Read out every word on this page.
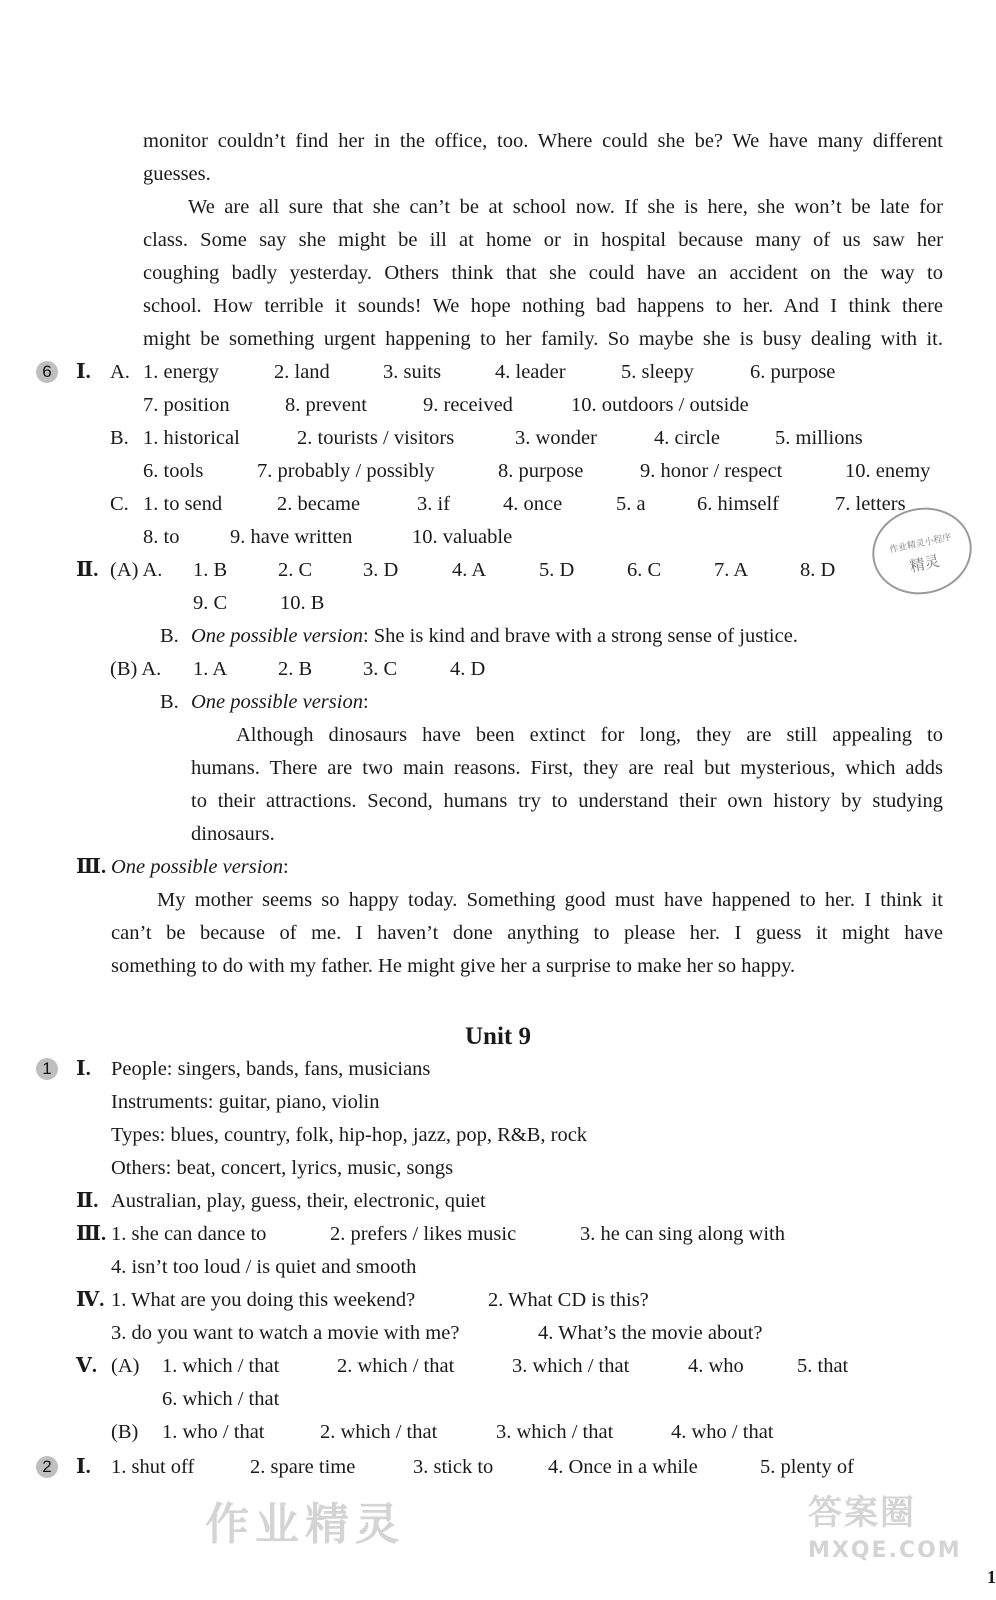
monitor couldn’t find her in the office, too. Where could she be? We have many different
guesses.
We are all sure that she can’t be at school now. If she is here, she won’t be late for
class. Some say she might be ill at home or in hospital because many of us saw her
coughing badly yesterday. Others think that she could have an accident on the way to
school. How terrible it sounds! We hope nothing bad happens to her. And I think there
might be something urgent happening to her family. So maybe she is busy dealing with it.
6	Ⅰ. A. 1. energy	2. land	3. suits	4. leader	5. sleepy	6. purpose
7. position	8. prevent	9. received	10. outdoors / outside
B. 1. historical	2. tourists / visitors	3. wonder	4. circle	5. millions
6. tools	7. probably / possibly	8. purpose	9. honor / respect	10. enemy
C. 1. to send	2. became	3. if	4. once	5. a	6. himself	7. letters
8. to 9. have written	10. valuable	作业精灵小程序
精灵
Ⅱ. (A) A. 1. B 2. C 3. D	4. A	5. D	6. C	7. A	8. D
9. C	10. B
B. One possible version: She is kind and brave with a strong sense of justice.
(B) A. 1. A 2. B 3. C	4. D
B. One possible version:
Although dinosaurs have been extinct for long, they are still appealing to
humans. There are two main reasons. First, they are real but mysterious, which adds
to their attractions. Second, humans try to understand their own history by studying
dinosaurs.
Ⅲ. One possible version:
My mother seems so happy today. Something good must have happened to her. I think it
can’t be because of me. I haven’t done anything to please her. I guess it might have
something to do with my father. He might give her a surprise to make her so happy.
Unit 9
1	Ⅰ. People: singers, bands, fans, musicians
Instruments: guitar, piano, violin
Types: blues, country, folk, hip-hop, jazz, pop, R&B, rock
Others: beat, concert, lyrics, music, songs
Ⅱ. Australian, play, guess, their, electronic, quiet
Ⅲ. 1. she can dance to	2. prefers / likes music	3. he can sing along with
4. isn’t too loud / is quiet and smooth
Ⅳ. 1. What are you doing this weekend?	2. What CD is this?
3. do you want to watch a movie with me?	4. What’s the movie about?
Ⅴ. (A) 1. which / that	2. which / that	3. which / that	4. who	5. that
6. which / that
(B) 1. who / that	2. which / that	3. which / that	4. who / that
2	Ⅰ. 1. shut off	2. spare time	3. stick to	4. Once in a while	5. plenty of
作业精灵	答案圈
MXQE.COM
1
